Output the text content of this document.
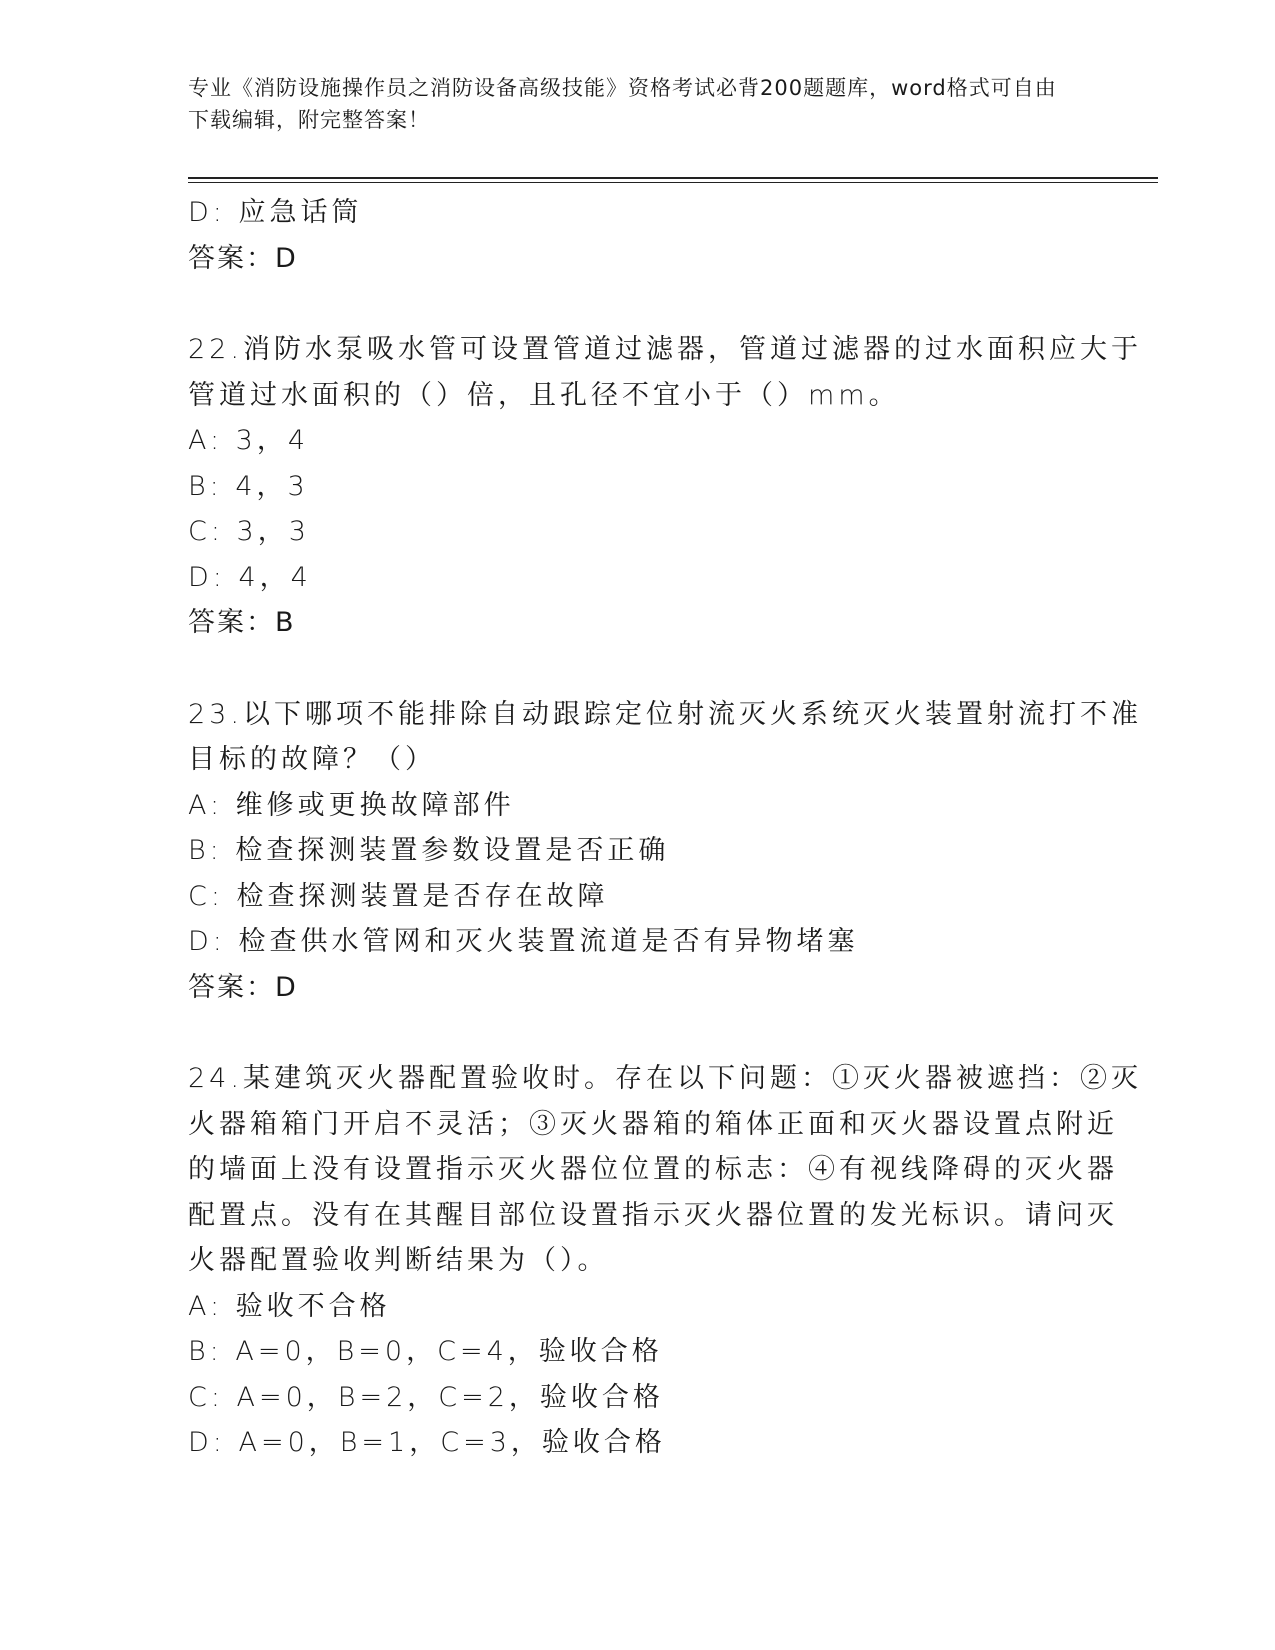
专业《消防设施操作员之消防设备高级技能》资格考试必背200题题库，word格式可自由下载编辑，附完整答案！
D: 应急话筒
答案：D
22.消防水泵吸水管可设置管道过滤器，管道过滤器的过水面积应大于
管道过水面积的（）倍，且孔径不宜小于（）mm。
A: 3，4
B: 4，3
C: 3，3
D: 4，4
答案：B
23.以下哪项不能排除自动跟踪定位射流灭火系统灭火装置射流打不准
目标的故障？（）
A: 维修或更换故障部件
B: 检查探测装置参数设置是否正确
C: 检查探测装置是否存在故障
D: 检查供水管网和灭火装置流道是否有异物堵塞
答案：D
24.某建筑灭火器配置验收时。存在以下问题：①灭火器被遮挡：②灭
火器箱箱门开启不灵活；③灭火器箱的箱体正面和灭火器设置点附近
的墙面上没有设置指示灭火器位位置的标志：④有视线降碍的灭火器
配置点。没有在其醒目部位设置指示灭火器位置的发光标识。请问灭
火器配置验收判断结果为（）。
A: 验收不合格
B: A=0，B=0，C=4，验收合格
C: A=0，B=2，C=2，验收合格
D: A=0，B=1，C=3，验收合格
